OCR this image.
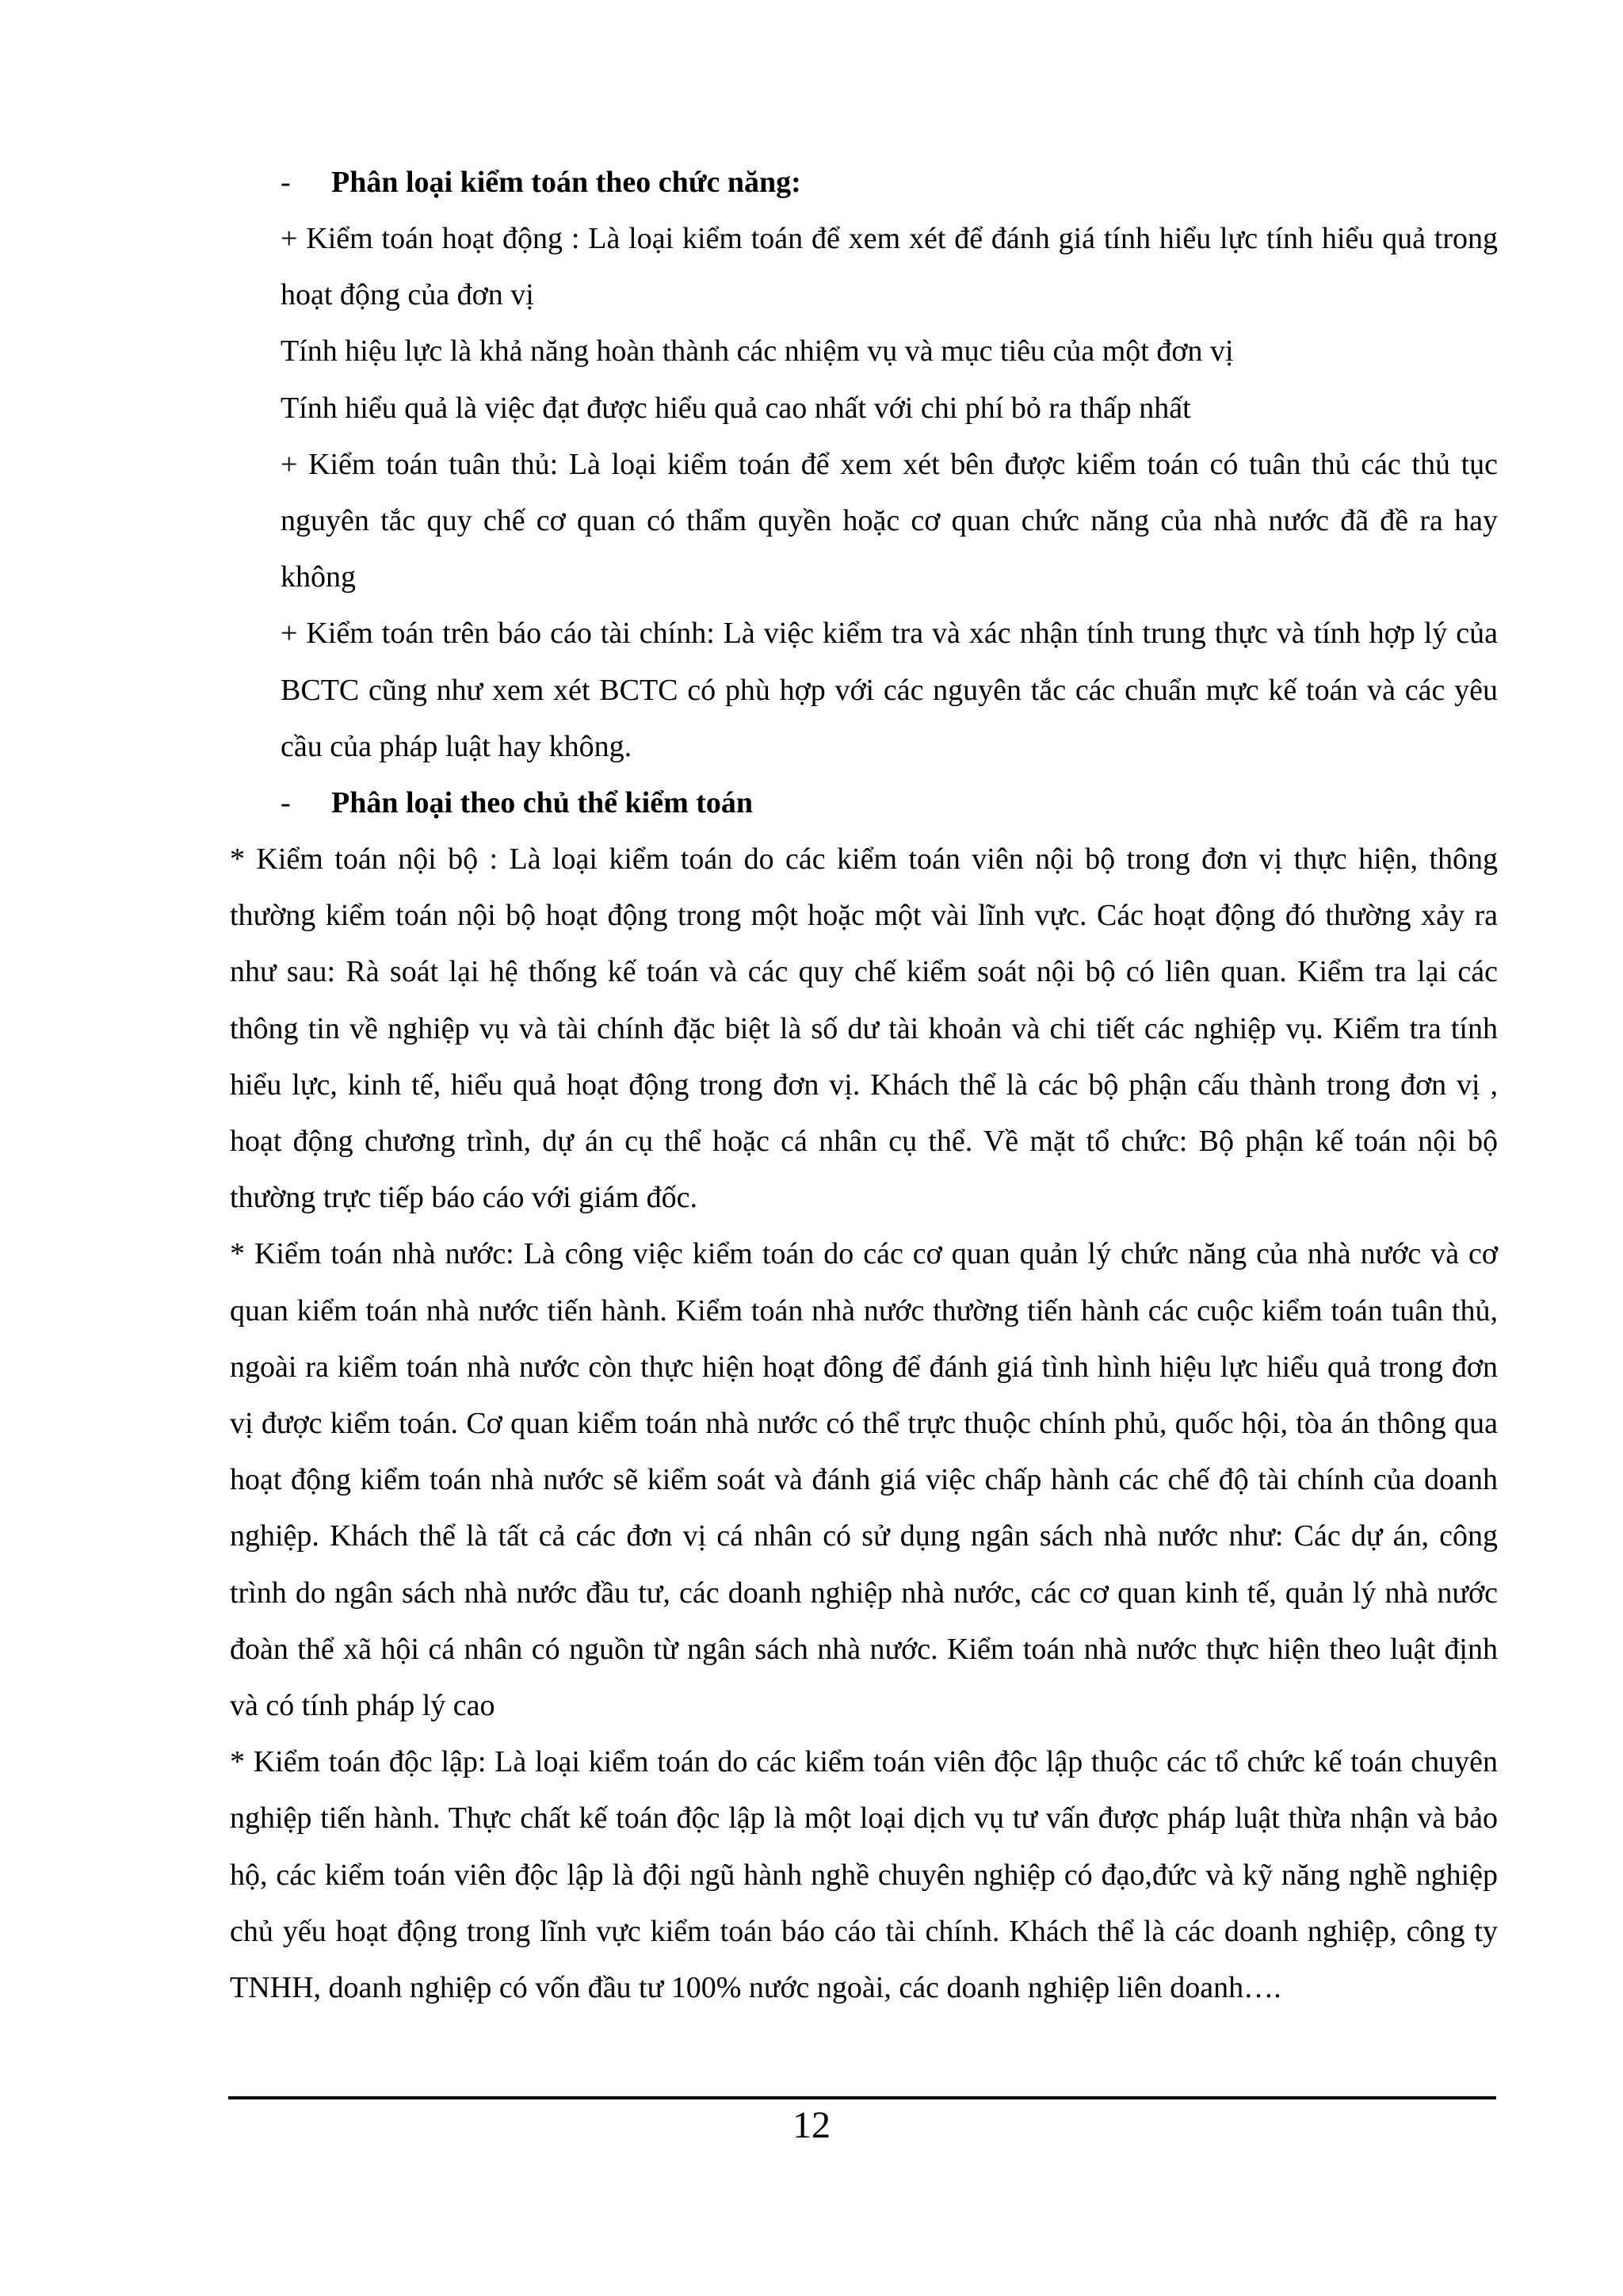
- Phân loại kiểm toán theo chức năng:

+ Kiểm toán hoạt động : Là loại kiểm toán để xem xét để đánh giá tính hiểu lực tính hiểu quả trong hoạt động của đơn vị

Tính hiệu lực là khả năng hoàn thành các nhiệm vụ và mục tiêu của một đơn vị

Tính hiểu quả là việc đạt được hiểu quả cao nhất với chi phí bỏ ra thấp nhất

+ Kiểm toán tuân thủ: Là loại kiểm toán để xem xét bên được kiểm toán có tuân thủ các thủ tục nguyên tắc quy chế cơ quan có thẩm quyền hoặc cơ quan chức năng của nhà nước đã đề ra hay không

+ Kiểm toán trên báo cáo tài chính: Là việc kiểm tra và xác nhận tính trung thực và tính hợp lý của BCTC cũng như xem xét BCTC có phù hợp với các nguyên tắc các chuẩn mực kế toán và các yêu cầu của pháp luật hay không.

- Phân loại theo chủ thể kiểm toán

* Kiểm toán nội bộ : Là loại kiểm toán do các kiểm toán viên nội bộ trong đơn vị thực hiện, thông thường kiểm toán nội bộ hoạt động trong một hoặc một vài lĩnh vực. Các hoạt động đó thường xảy ra như sau: Rà soát lại hệ thống kế toán và các quy chế kiểm soát nội bộ có liên quan. Kiểm tra lại các thông tin về nghiệp vụ và tài chính đặc biệt là số dư tài khoản và chi tiết các nghiệp vụ. Kiểm tra tính hiểu lực, kinh tế, hiểu quả hoạt động trong đơn vị. Khách thể là các bộ phận cấu thành trong đơn vị , hoạt động chương trình, dự án cụ thể hoặc cá nhân cụ thể. Về mặt tổ chức: Bộ phận kế toán nội bộ thường trực tiếp báo cáo với giám đốc.

* Kiểm toán nhà nước: Là công việc kiểm toán do các cơ quan quản lý chức năng của nhà nước và cơ quan kiểm toán nhà nước tiến hành. Kiểm toán nhà nước thường tiến hành các cuộc kiểm toán tuân thủ, ngoài ra kiểm toán nhà nước còn thực hiện hoạt đông để đánh giá tình hình hiệu lực hiểu quả trong đơn vị được kiểm toán. Cơ quan kiểm toán nhà nước có thể trực thuộc chính phủ, quốc hội, tòa án thông qua hoạt động kiểm toán nhà nước sẽ kiểm soát và đánh giá việc chấp hành các chế độ tài chính của doanh nghiệp. Khách thể là tất cả các đơn vị cá nhân có sử dụng ngân sách nhà nước như: Các dự án, công trình do ngân sách nhà nước đầu tư, các doanh nghiệp nhà nước, các cơ quan kinh tế, quản lý nhà nước đoàn thể xã hội cá nhân có nguồn từ ngân sách nhà nước. Kiểm toán nhà nước thực hiện theo luật định và có tính pháp lý cao

* Kiểm toán độc lập: Là loại kiểm toán do các kiểm toán viên độc lập thuộc các tổ chức kế toán chuyên nghiệp tiến hành. Thực chất kế toán độc lập là một loại dịch vụ tư vấn được pháp luật thừa nhận và bảo hộ, các kiểm toán viên độc lập là đội ngũ hành nghề chuyên nghiệp có đạo,đức và kỹ năng nghề nghiệp chủ yếu hoạt động trong lĩnh vực kiểm toán báo cáo tài chính. Khách thể là các doanh nghiệp, công ty TNHH, doanh nghiệp có vốn đầu tư 100% nước ngoài, các doanh nghiệp liên doanh….

12
